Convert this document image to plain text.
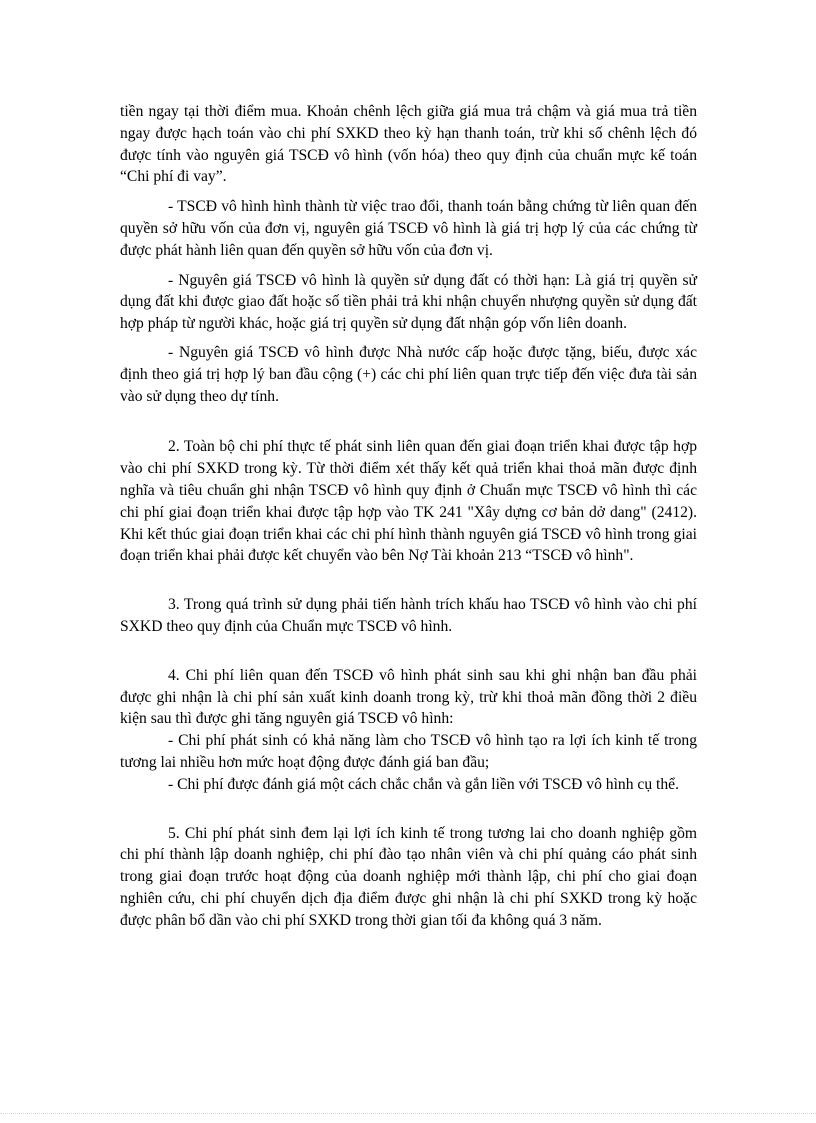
tiền ngay tại thời điểm mua. Khoản chênh lệch giữa giá mua trả chậm và giá mua trả tiền ngay được hạch toán vào chi phí SXKD theo kỳ hạn thanh toán, trừ khi số chênh lệch đó được tính vào nguyên giá TSCĐ vô hình (vốn hóa) theo quy định của chuẩn mực kế toán “Chi phí đi vay”.

- TSCĐ vô hình hình thành từ việc trao đổi, thanh toán bằng chứng từ liên quan đến quyền sở hữu vốn của đơn vị, nguyên giá TSCĐ vô hình là giá trị hợp lý của các chứng từ được phát hành liên quan đến quyền sở hữu vốn của đơn vị.

- Nguyên giá TSCĐ vô hình là quyền sử dụng đất có thời hạn: Là giá trị quyền sử dụng đất khi được giao đất hoặc số tiền phải trả khi nhận chuyển nhượng quyền sử dụng đất hợp pháp từ người khác, hoặc giá trị quyền sử dụng đất nhận góp vốn liên doanh.

- Nguyên giá TSCĐ vô hình được Nhà nước cấp hoặc được tặng, biếu, được xác định theo giá trị hợp lý ban đầu cộng (+) các chi phí liên quan trực tiếp đến việc đưa tài sản vào sử dụng theo dự tính.

2. Toàn bộ chi phí thực tế phát sinh liên quan đến giai đoạn triển khai được tập hợp vào chi phí SXKD trong kỳ. Từ thời điểm xét thấy kết quả triển khai thoả mãn được định nghĩa và tiêu chuẩn ghi nhận TSCĐ vô hình quy định ở Chuẩn mực TSCĐ vô hình thì các chi phí giai đoạn triển khai được tập hợp vào TK 241 "Xây dựng cơ bản dở dang" (2412). Khi kết thúc giai đoạn triển khai các chi phí hình thành nguyên giá TSCĐ vô hình trong giai đoạn triển khai phải được kết chuyển vào bên Nợ Tài khoản 213 “TSCĐ vô hình".

3. Trong quá trình sử dụng phải tiến hành trích khấu hao TSCĐ vô hình vào chi phí SXKD theo quy định của Chuẩn mực TSCĐ vô hình.

4. Chi phí liên quan đến TSCĐ vô hình phát sinh sau khi ghi nhận ban đầu phải được ghi nhận là chi phí sản xuất kinh doanh trong kỳ, trừ khi thoả mãn đồng thời 2 điều kiện sau thì được ghi tăng nguyên giá TSCĐ vô hình:

- Chi phí phát sinh có khả năng làm cho TSCĐ vô hình tạo ra lợi ích kinh tế trong tương lai nhiều hơn mức hoạt động được đánh giá ban đầu;

- Chi phí được đánh giá một cách chắc chắn và gắn liền với TSCĐ vô hình cụ thể.

5. Chi phí phát sinh đem lại lợi ích kinh tế trong tương lai cho doanh nghiệp gồm chi phí thành lập doanh nghiệp, chi phí đào tạo nhân viên và chi phí quảng cáo phát sinh trong giai đoạn trước hoạt động của doanh nghiệp mới thành lập, chi phí cho giai đoạn nghiên cứu, chi phí chuyển dịch địa điểm được ghi nhận là chi phí SXKD trong kỳ hoặc được phân bổ dần vào chi phí SXKD trong thời gian tối đa không quá 3 năm.
